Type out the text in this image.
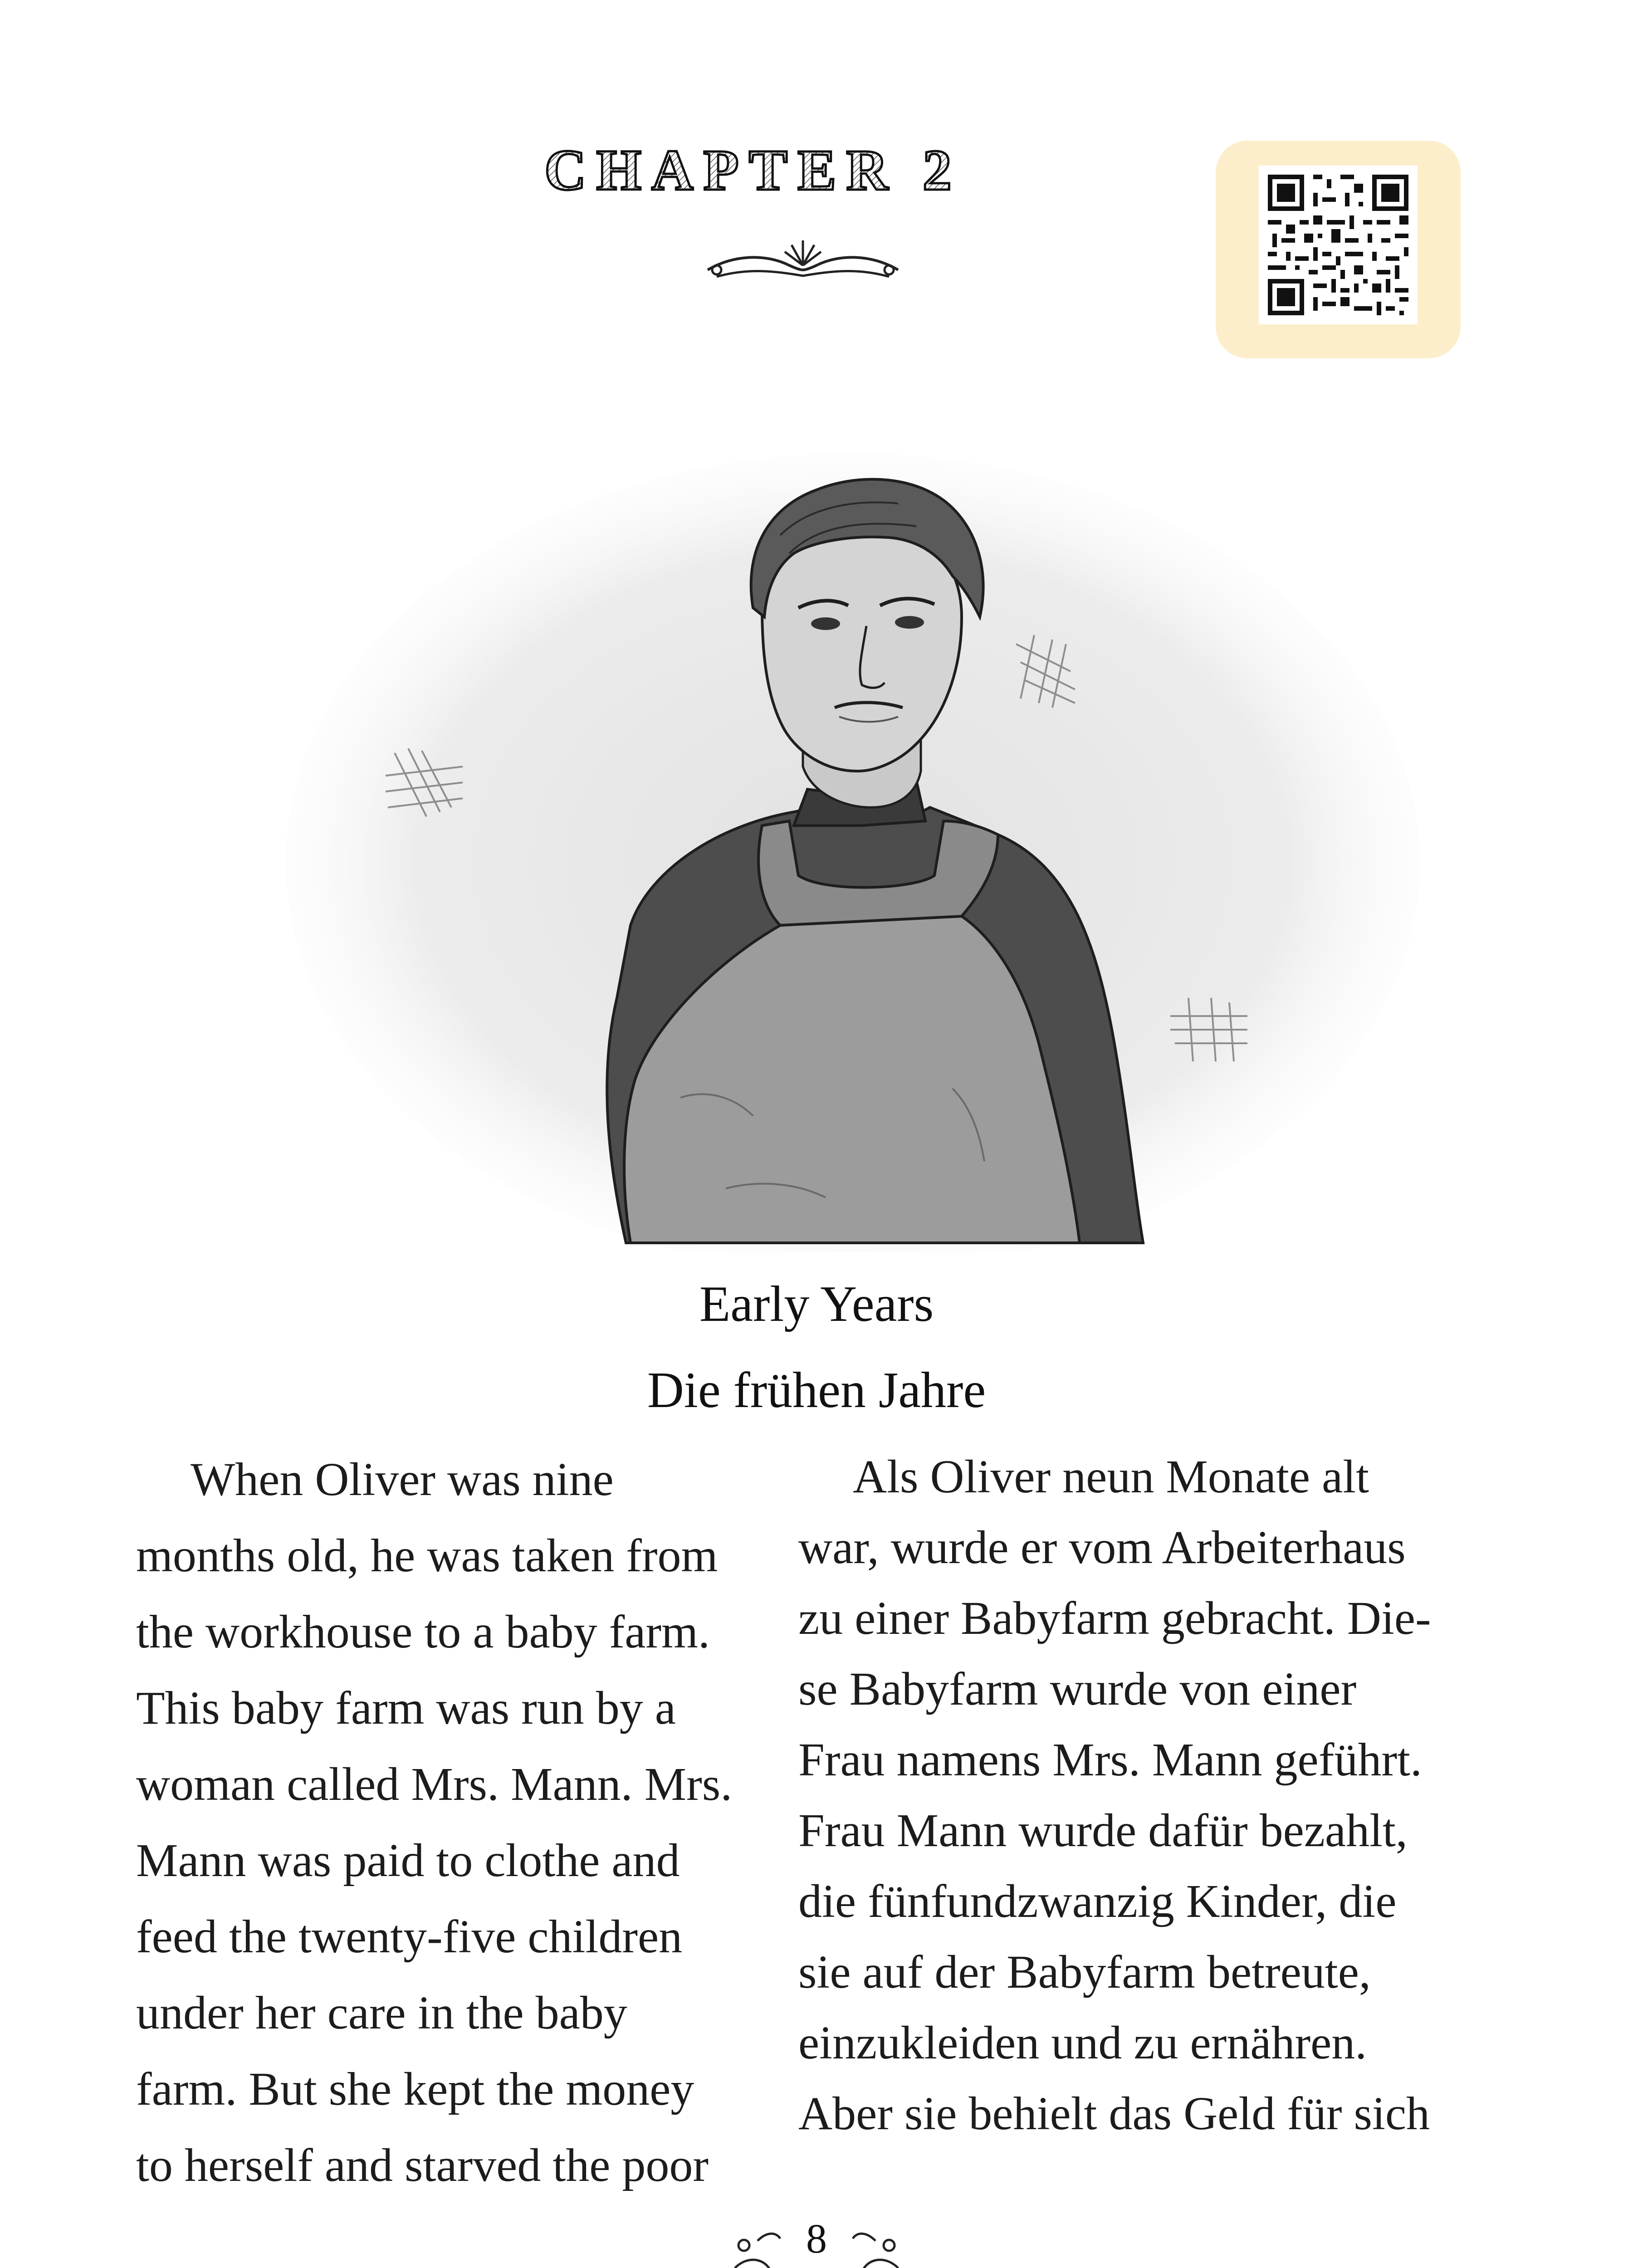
CHAPTER 2
Early Years
Die frühen Jahre
When Oliver was nine
months old, he was taken from
the workhouse to a baby farm.
This baby farm was run by a
woman called Mrs. Mann. Mrs.
Mann was paid to clothe and
feed the twenty-five children
under her care in the baby
farm. But she kept the money
to herself and starved the poor
Als Oliver neun Monate alt
war, wurde er vom Arbeiterhaus
zu einer Babyfarm gebracht. Die-
se Babyfarm wurde von einer
Frau namens Mrs. Mann geführt.
Frau Mann wurde dafür bezahlt,
die fünfundzwanzig Kinder, die
sie auf der Babyfarm betreute,
einzukleiden und zu ernähren.
Aber sie behielt das Geld für sich
8
